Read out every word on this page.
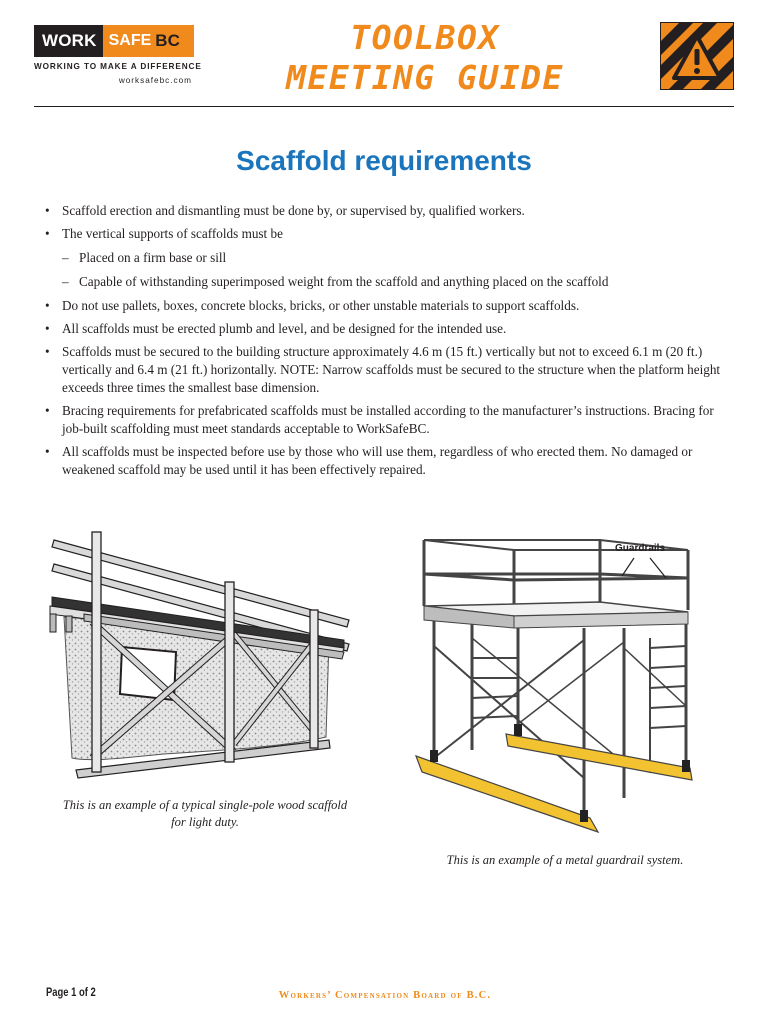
WORK SAFE BC
WORKING TO MAKE A DIFFERENCE
worksafebc.com
TOOLBOX
MEETING GUIDE
Scaffold requirements
• Scaffold erection and dismantling must be done by, or supervised by, qualified workers.
• The vertical supports of scaffolds must be
– Placed on a firm base or sill
– Capable of withstanding superimposed weight from the scaffold and anything placed on the scaffold
• Do not use pallets, boxes, concrete blocks, bricks, or other unstable materials to support scaffolds.
• All scaffolds must be erected plumb and level, and be designed for the intended use.
• Scaffolds must be secured to the building structure approximately 4.6 m (15 ft.) vertically but not to exceed 6.1 m (20 ft.) vertically and 6.4 m (21 ft.) horizontally. NOTE: Narrow scaffolds must be secured to the structure when the platform height exceeds three times the smallest base dimension.
• Bracing requirements for prefabricated scaffolds must be installed according to the manufacturer’s instructions. Bracing for job-built scaffolding must meet standards acceptable to WorkSafeBC.
• All scaffolds must be inspected before use by those who will use them, regardless of who erected them. No damaged or weakened scaffold may be used until it has been effectively repaired.
Guardrails
This is an example of a typical single-pole wood scaffold for light duty.
This is an example of a metal guardrail system.
Page 1 of 2	Workers’ Compensation Board of B.C.
